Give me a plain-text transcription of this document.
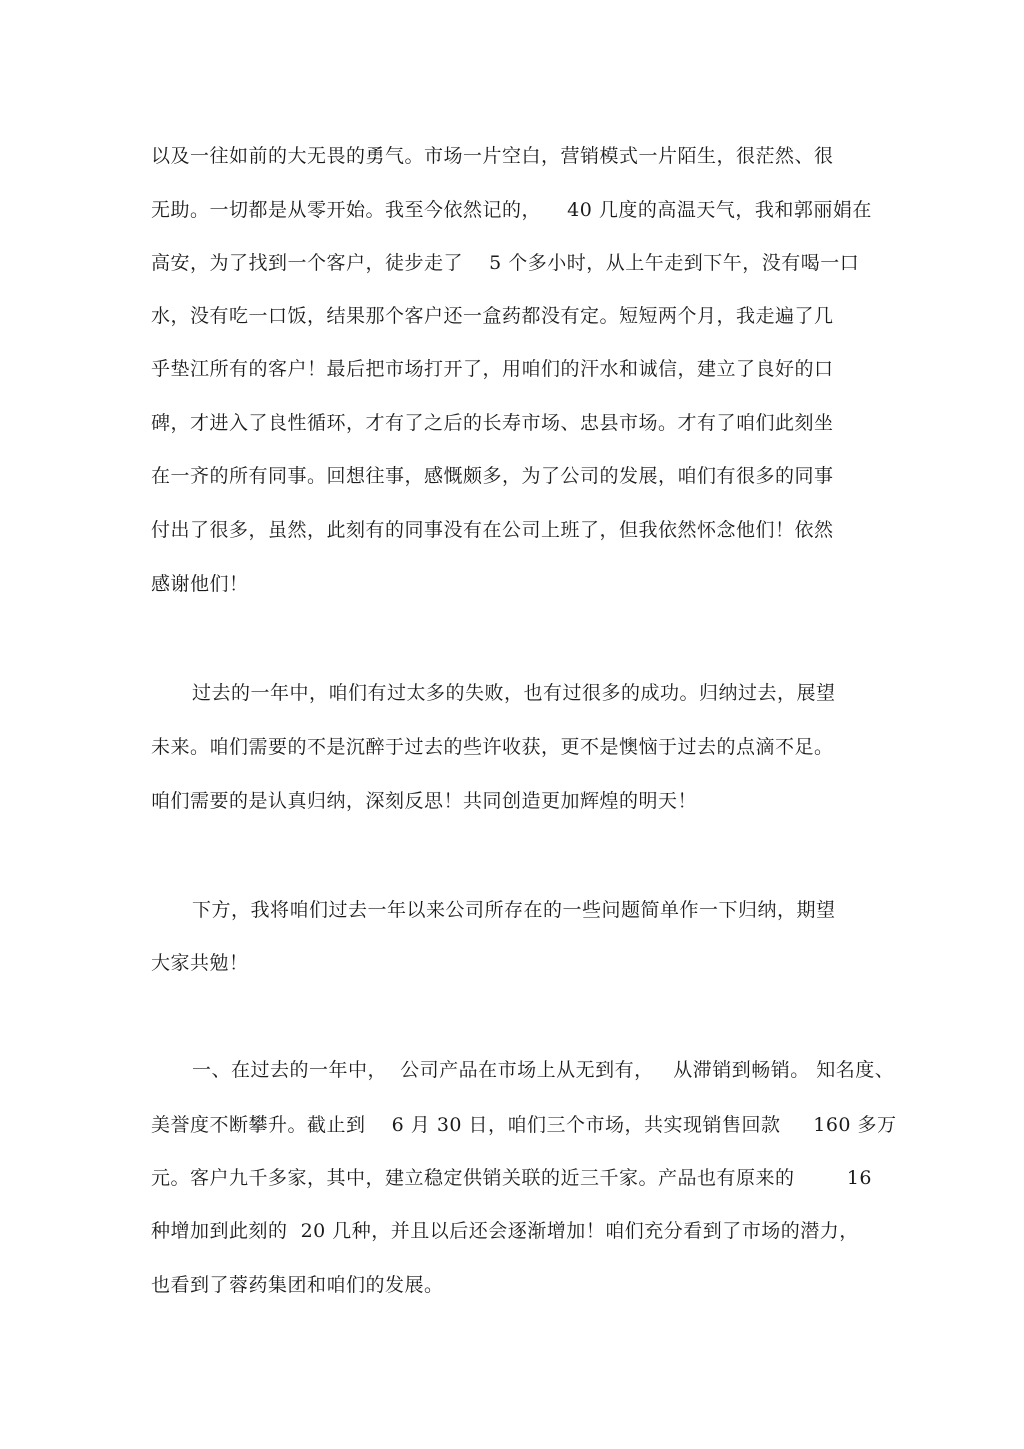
以及一往如前的大无畏的勇气。市场一片空白，营销模式一片陌生，很茫然、很
无助。一切都是从零开始。我至今依然记的，    40 几度的高温天气，我和郭丽娟在
高安，为了找到一个客户，徒步走了    5 个多小时，从上午走到下午，没有喝一口
水，没有吃一口饭，结果那个客户还一盒药都没有定。短短两个月，我走遍了几
乎垫江所有的客户！最后把市场打开了，用咱们的汗水和诚信，建立了良好的口
碑，才进入了良性循环，才有了之后的长寿市场、忠县市场。才有了咱们此刻坐
在一齐的所有同事。回想往事，感慨颇多，为了公司的发展，咱们有很多的同事
付出了很多，虽然，此刻有的同事没有在公司上班了，但我依然怀念他们！依然
感谢他们！
过去的一年中，咱们有过太多的失败，也有过很多的成功。归纳过去，展望
未来。咱们需要的不是沉醉于过去的些许收获，更不是懊恼于过去的点滴不足。
咱们需要的是认真归纳，深刻反思！共同创造更加辉煌的明天！
下方，我将咱们过去一年以来公司所存在的一些问题简单作一下归纳，期望
大家共勉！
一、在过去的一年中，  公司产品在市场上从无到有，   从滞销到畅销。 知名度、
美誉度不断攀升。截止到    6 月 30 日，咱们三个市场，共实现销售回款     160 多万
元。客户九千多家，其中，建立稳定供销关联的近三千家。产品也有原来的        16
种增加到此刻的  20 几种，并且以后还会逐渐增加！咱们充分看到了市场的潜力，
也看到了蓉药集团和咱们的发展。
